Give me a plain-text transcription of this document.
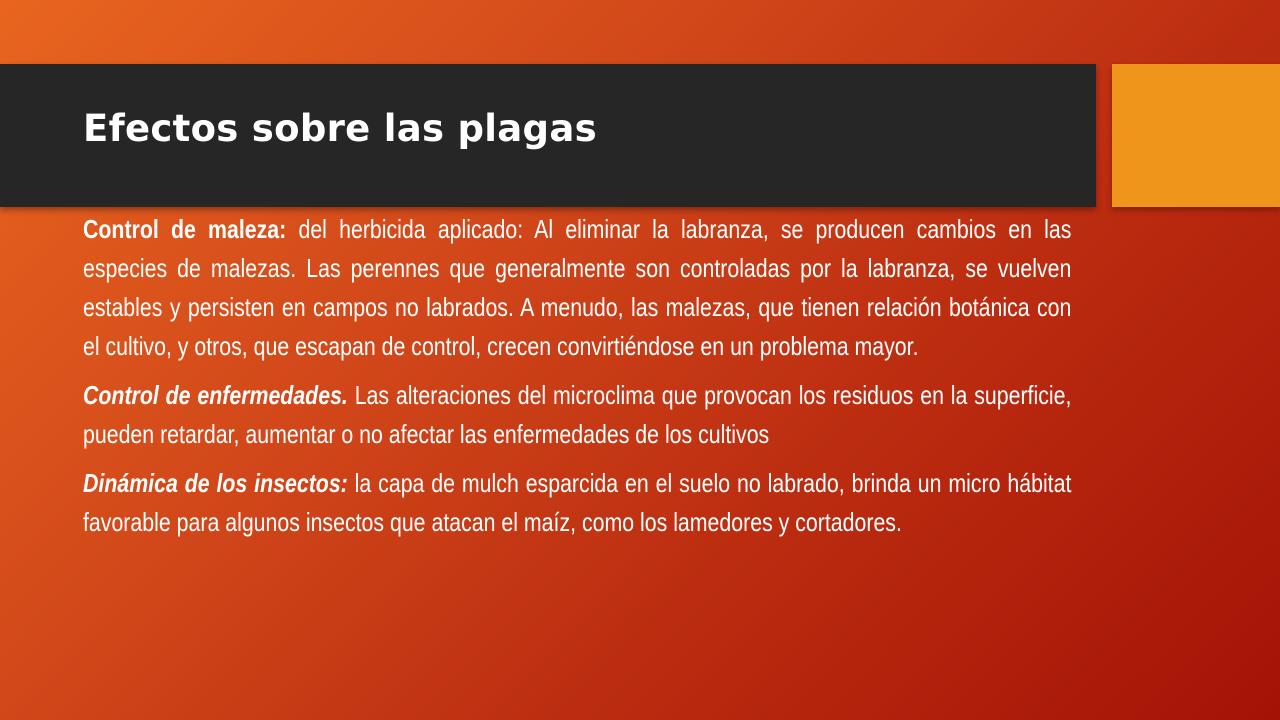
Efectos sobre las plagas

Control de maleza: del herbicida aplicado: Al eliminar la labranza, se producen cambios en las especies de malezas. Las perennes que generalmente son controladas por la labranza, se vuelven estables y persisten en campos no labrados. A menudo, las malezas, que tienen relación botánica con el cultivo, y otros, que escapan de control, crecen convirtiéndose en un problema mayor.

Control de enfermedades. Las alteraciones del microclima que provocan los residuos en la superficie, pueden retardar, aumentar o no afectar las enfermedades de los cultivos

Dinámica de los insectos: la capa de mulch esparcida en el suelo no labrado, brinda un micro hábitat favorable para algunos insectos que atacan el maíz, como los lamedores y cortadores.
